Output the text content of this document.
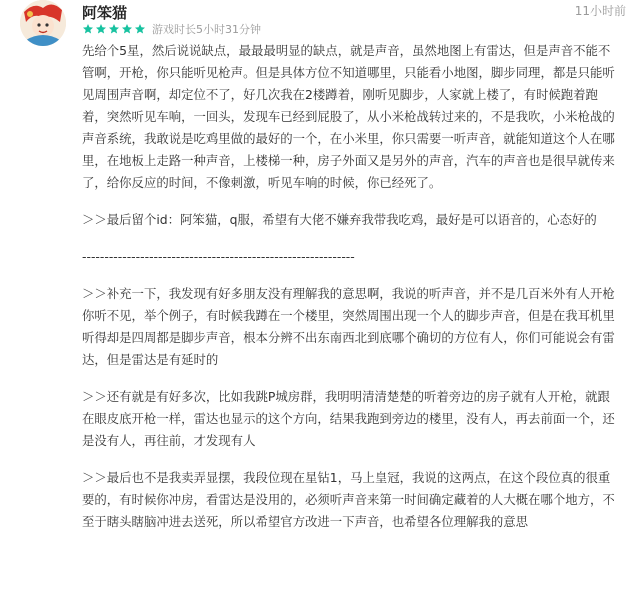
阿笨猫	11小时前
游戏时长5小时31分钟

先给个5星，然后说说缺点，最最最明显的缺点，就是声音，虽然地图上有雷达，但是声音不能不管啊，开枪，你只能听见枪声。但是具体方位不知道哪里，只能看小地图，脚步同理，都是只能听见周围声音啊，却定位不了，好几次我在2楼蹲着，刚听见脚步，人家就上楼了，有时候跑着跑着，突然听见车响，一回头，发现车已经到屁股了，从小米枪战转过来的，不是我吹，小米枪战的声音系统，我敢说是吃鸡里做的最好的一个，在小米里，你只需要一听声音，就能知道这个人在哪里，在地板上走路一种声音，上楼梯一种，房子外面又是另外的声音，汽车的声音也是很早就传来了，给你反应的时间，不像刺激，听见车响的时候，你已经死了。

＞＞最后留个id：阿笨猫，q服，希望有大佬不嫌弃我带我吃鸡，最好是可以语音的，心态好的

-------------------------------------------------------------

＞＞补充一下，我发现有好多朋友没有理解我的意思啊，我说的听声音，并不是几百米外有人开枪你听不见，举个例子，有时候我蹲在一个楼里，突然周围出现一个人的脚步声音，但是在我耳机里听得却是四周都是脚步声音，根本分辨不出东南西北到底哪个确切的方位有人，你们可能说会有雷达，但是雷达是有延时的

＞＞还有就是有好多次，比如我跳P城房群，我明明清清楚楚的听着旁边的房子就有人开枪，就跟在眼皮底开枪一样，雷达也显示的这个方向，结果我跑到旁边的楼里，没有人，再去前面一个，还是没有人，再往前，才发现有人

＞＞最后也不是我卖弄显摆，我段位现在星钻1，马上皇冠，我说的这两点，在这个段位真的很重要的，有时候你冲房，看雷达是没用的，必须听声音来第一时间确定藏着的人大概在哪个地方，不至于瞎头瞎脑冲进去送死，所以希望官方改进一下声音，也希望各位理解我的意思
